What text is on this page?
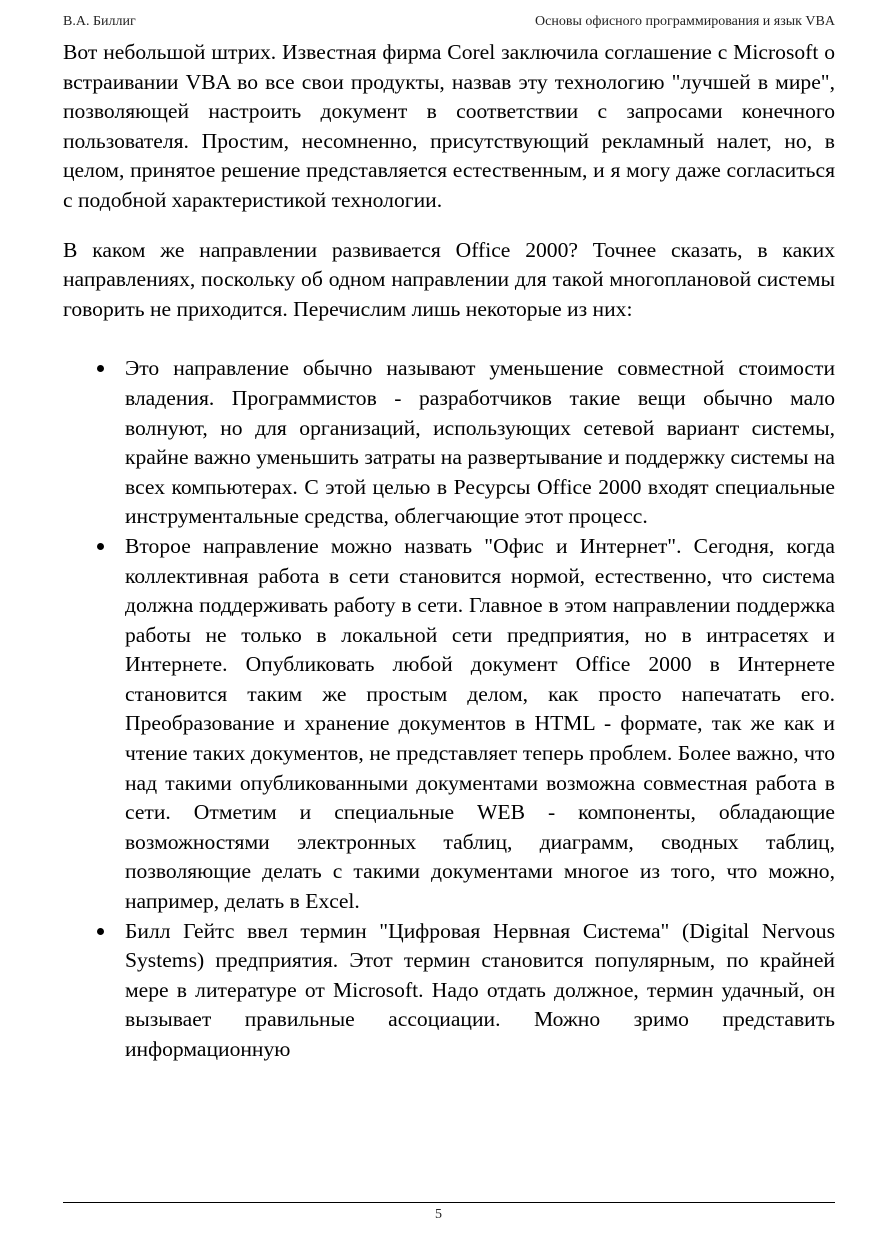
В.А. Биллиг	Основы офисного программирования и язык VBA

Вот небольшой штрих. Известная фирма Corel заключила соглашение с Microsoft о встраивании VBA во все свои продукты, назвав эту технологию "лучшей в мире", позволяющей настроить документ в соответствии с запросами конечного пользователя. Простим, несомненно, присутствующий рекламный налет, но, в целом, принятое решение представляется естественным, и я могу даже согласиться с подобной характеристикой технологии.

В каком же направлении развивается Office 2000? Точнее сказать, в каких направлениях, поскольку об одном направлении для такой многоплановой системы говорить не приходится. Перечислим лишь некоторые из них:

Это направление обычно называют уменьшение совместной стоимости владения. Программистов - разработчиков такие вещи обычно мало волнуют, но для организаций, использующих сетевой вариант системы, крайне важно уменьшить затраты на развертывание и поддержку системы на всех компьютерах. С этой целью в Ресурсы Office 2000 входят специальные инструментальные средства, облегчающие этот процесс.
Второе направление можно назвать "Офис и Интернет". Сегодня, когда коллективная работа в сети становится нормой, естественно, что система должна поддерживать работу в сети. Главное в этом направлении поддержка работы не только в локальной сети предприятия, но в интрасетях и Интернете. Опубликовать любой документ Office 2000 в Интернете становится таким же простым делом, как просто напечатать его. Преобразование и хранение документов в HTML - формате, так же как и чтение таких документов, не представляет теперь проблем. Более важно, что над такими опубликованными документами возможна совместная работа в сети. Отметим и специальные WEB - компоненты, обладающие возможностями электронных таблиц, диаграмм, сводных таблиц, позволяющие делать с такими документами многое из того, что можно, например, делать в Excel.
Билл Гейтс ввел термин "Цифровая Нервная Система" (Digital Nervous Systems) предприятия. Этот термин становится популярным, по крайней мере в литературе от Microsoft. Надо отдать должное, термин удачный, он вызывает правильные ассоциации. Можно зримо представить информационную
5
